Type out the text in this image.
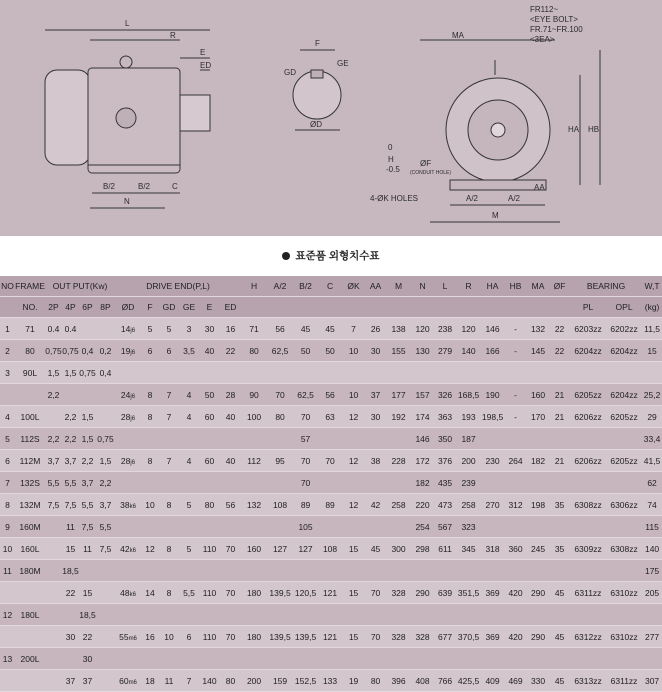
L
R
E
ED
B/2	B/2	C
N
F
GD
GE
ØD
MA
HA HB
H
0
-0.5
ØF
(CONDUIT HOLE)
4-ØK HOLES	A/2	A/2
AA
M
FR112~
<EYE BOLT>
FR.71~FR.100
<3EA>
표준품 외형치수표
NO	FRAME	OUT PUT(Kw)				DRIVE END(P,L)						H	A/2	B/2	C	ØK	AA	M	N	L	R	HA	HB	MA	ØF	BEARING		W,T
	NO.	2P	4P	6P	8P	ØD	F	GD	GE	E	ED															PL	OPL	(kg)
1	71	0.4	0.4			14j6	5	5	3	30	16	71	56	45	45	7	26	138	120	238	120	146	-	132	22	6203zz	6202zz	11,5
2	80	0,75	0,75	0,4	0,2	19j6	6	6	3,5	40	22	80	62,5	50	50	10	30	155	130	279	140	166	-	145	22	6204zz	6204zz	15
3	90L	1,5	1,5	0,75	0,4																							
		2,2				24j6	8	7	4	50	28	90	70	62,5	56	10	37	177	157	326	168,5	190	-	160	21	6205zz	6204zz	25,2
4	100L		2,2	1,5		28j6	8	7	4	60	40	100	80	70	63	12	30	192	174	363	193	198,5	-	170	21	6206zz	6205zz	29
5	112S	2,2	2,2	1,5	0,75									57					146	350	187							33,4
6	112M	3,7	3,7	2,2	1,5	28j6	8	7	4	60	40	112	95	70	70	12	38	228	172	376	200	230	264	182	21	6206zz	6205zz	41,5
7	132S	5,5	5,5	3,7	2,2									70					182	435	239							62
8	132M	7,5	7,5	5,5	3,7	38k6	10	8	5	80	56	132	108	89	89	12	42	258	220	473	258	270	312	198	35	6308zz	6306zz	74
9	160M		11	7,5	5,5									105					254	567	323							115
10	160L		15	11	7,5	42k6	12	8	5	110	70	160	127	127	108	15	45	300	298	611	345	318	360	245	35	6309zz	6308zz	140
11	180M		18,5																									175
			22	15		48k6	14	8	5,5	110	70	180	139,5	120,5	121	15	70	328	290	639	351,5	369	420	290	45	6311zz	6310zz	205
12	180L			18,5																								
			30	22		55m6	16	10	6	110	70	180	139,5	139,5	121	15	70	328	328	677	370,5	369	420	290	45	6312zz	6310zz	277
13	200L			30																								
			37	37		60m6	18	11	7	140	80	200	159	152,5	133	19	80	396	408	766	425,5	409	469	330	45	6313zz	6311zz	307
